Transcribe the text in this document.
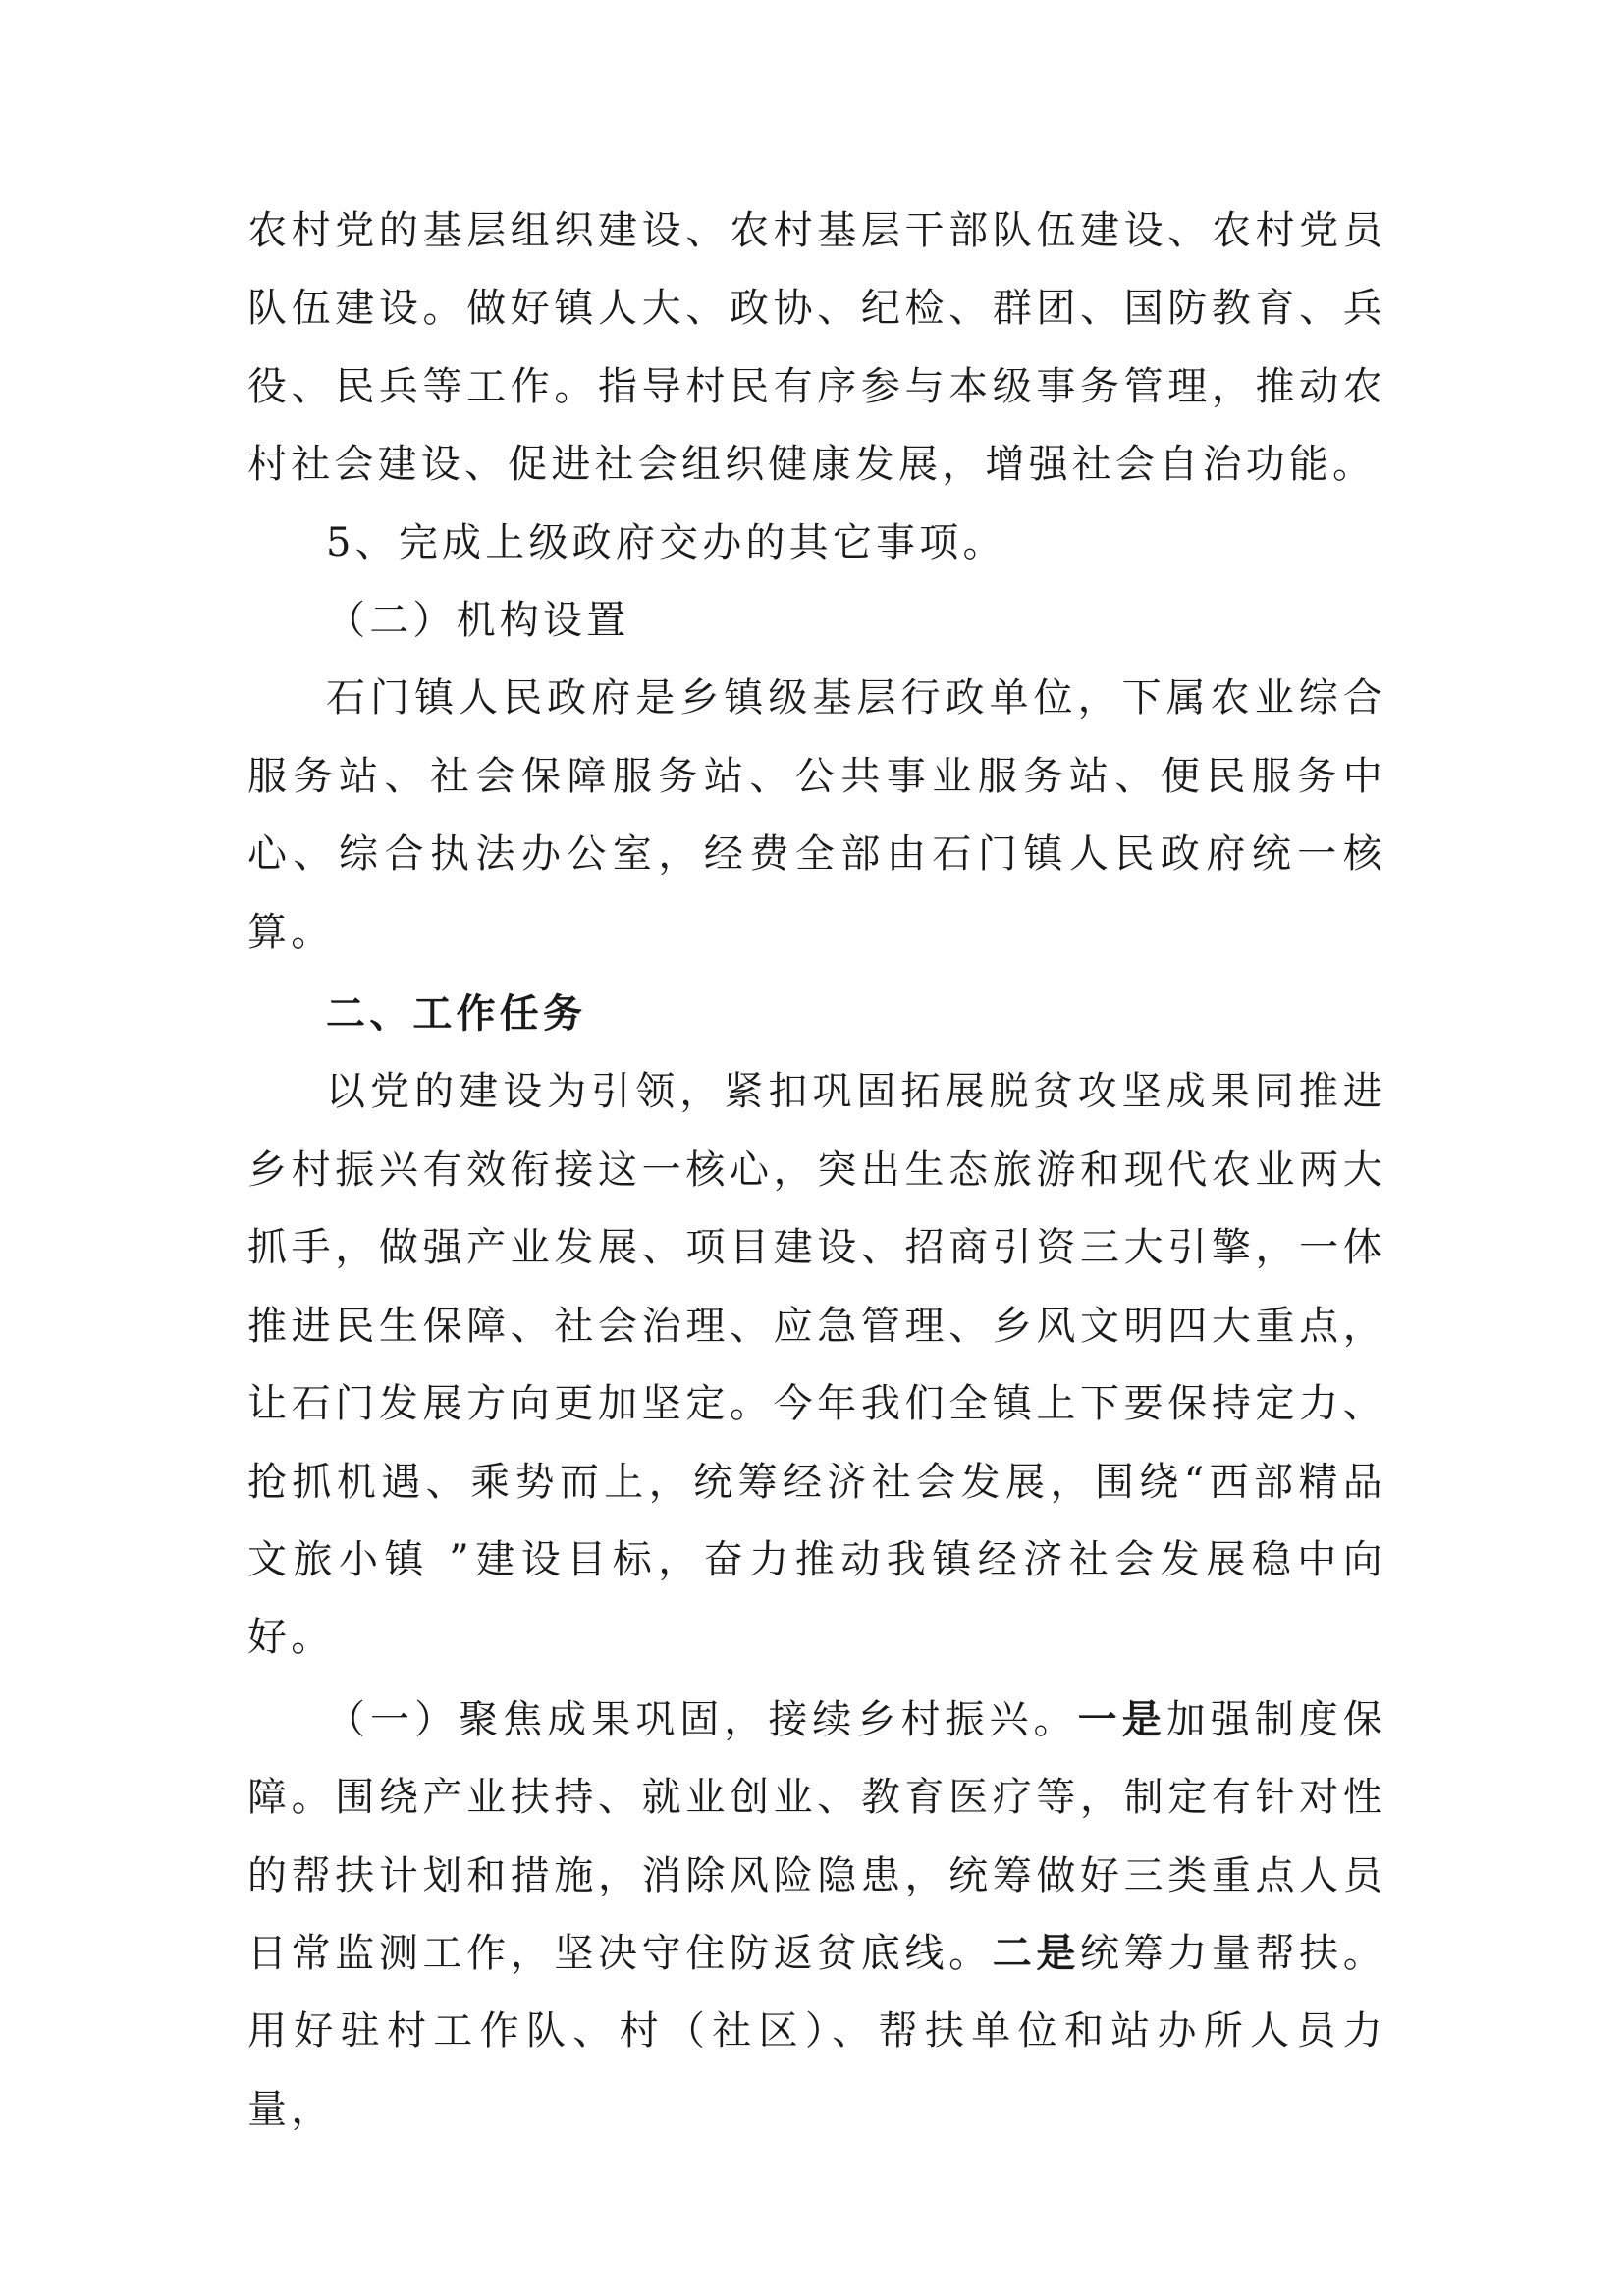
农村党的基层组织建设、农村基层干部队伍建设、农村党员队伍建设。做好镇人大、政协、纪检、群团、国防教育、兵役、民兵等工作。指导村民有序参与本级事务管理，推动农村社会建设、促进社会组织健康发展，增强社会自治功能。

5、完成上级政府交办的其它事项。

（二）机构设置

石门镇人民政府是乡镇级基层行政单位，下属农业综合服务站、社会保障服务站、公共事业服务站、便民服务中心、综合执法办公室，经费全部由石门镇人民政府统一核算。

二、工作任务

以党的建设为引领，紧扣巩固拓展脱贫攻坚成果同推进乡村振兴有效衔接这一核心，突出生态旅游和现代农业两大抓手，做强产业发展、项目建设、招商引资三大引擎，一体推进民生保障、社会治理、应急管理、乡风文明四大重点，让石门发展方向更加坚定。今年我们全镇上下要保持定力、抢抓机遇、乘势而上，统筹经济社会发展，围绕“西部精品文旅小镇 ”建设目标，奋力推动我镇经济社会发展稳中向好。

（一）聚焦成果巩固，接续乡村振兴。一是加强制度保障。围绕产业扶持、就业创业、教育医疗等，制定有针对性的帮扶计划和措施，消除风险隐患，统筹做好三类重点人员日常监测工作，坚决守住防返贫底线。二是统筹力量帮扶。用好驻村工作队、村（社区）、帮扶单位和站办所人员力量，
